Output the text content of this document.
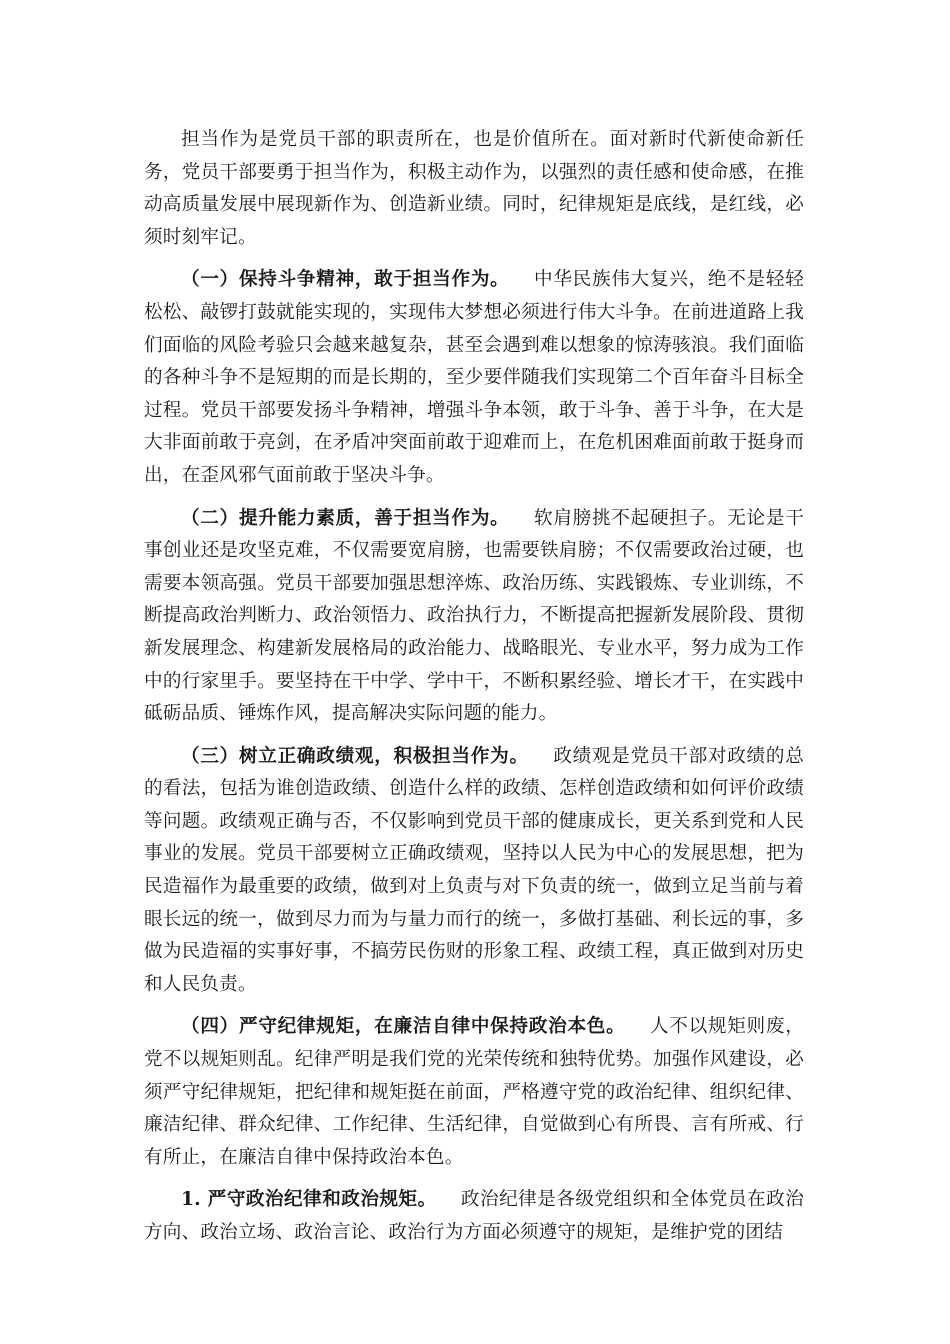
担当作为是党员干部的职责所在，也是价值所在。面对新时代新使命新任务，党员干部要勇于担当作为，积极主动作为，以强烈的责任感和使命感，在推动高质量发展中展现新作为、创造新业绩。同时，纪律规矩是底线，是红线，必须时刻牢记。

（一）保持斗争精神，敢于担当作为。 中华民族伟大复兴，绝不是轻轻松松、敲锣打鼓就能实现的，实现伟大梦想必须进行伟大斗争。在前进道路上我们面临的风险考验只会越来越复杂，甚至会遇到难以想象的惊涛骇浪。我们面临的各种斗争不是短期的而是长期的，至少要伴随我们实现第二个百年奋斗目标全过程。党员干部要发扬斗争精神，增强斗争本领，敢于斗争、善于斗争，在大是大非面前敢于亮剑，在矛盾冲突面前敢于迎难而上，在危机困难面前敢于挺身而出，在歪风邪气面前敢于坚决斗争。

（二）提升能力素质，善于担当作为。 软肩膀挑不起硬担子。无论是干事创业还是攻坚克难，不仅需要宽肩膀，也需要铁肩膀；不仅需要政治过硬，也需要本领高强。党员干部要加强思想淬炼、政治历练、实践锻炼、专业训练，不断提高政治判断力、政治领悟力、政治执行力，不断提高把握新发展阶段、贯彻新发展理念、构建新发展格局的政治能力、战略眼光、专业水平，努力成为工作中的行家里手。要坚持在干中学、学中干，不断积累经验、增长才干，在实践中砥砺品质、锤炼作风，提高解决实际问题的能力。

（三）树立正确政绩观，积极担当作为。 政绩观是党员干部对政绩的总的看法，包括为谁创造政绩、创造什么样的政绩、怎样创造政绩和如何评价政绩等问题。政绩观正确与否，不仅影响到党员干部的健康成长，更关系到党和人民事业的发展。党员干部要树立正确政绩观，坚持以人民为中心的发展思想，把为民造福作为最重要的政绩，做到对上负责与对下负责的统一，做到立足当前与着眼长远的统一，做到尽力而为与量力而行的统一，多做打基础、利长远的事，多做为民造福的实事好事，不搞劳民伤财的形象工程、政绩工程，真正做到对历史和人民负责。

（四）严守纪律规矩，在廉洁自律中保持政治本色。 人不以规矩则废，党不以规矩则乱。纪律严明是我们党的光荣传统和独特优势。加强作风建设，必须严守纪律规矩，把纪律和规矩挺在前面，严格遵守党的政治纪律、组织纪律、廉洁纪律、群众纪律、工作纪律、生活纪律，自觉做到心有所畏、言有所戒、行有所止，在廉洁自律中保持政治本色。

1. 严守政治纪律和政治规矩。 政治纪律是各级党组织和全体党员在政治方向、政治立场、政治言论、政治行为方面必须遵守的规矩，是维护党的团结
